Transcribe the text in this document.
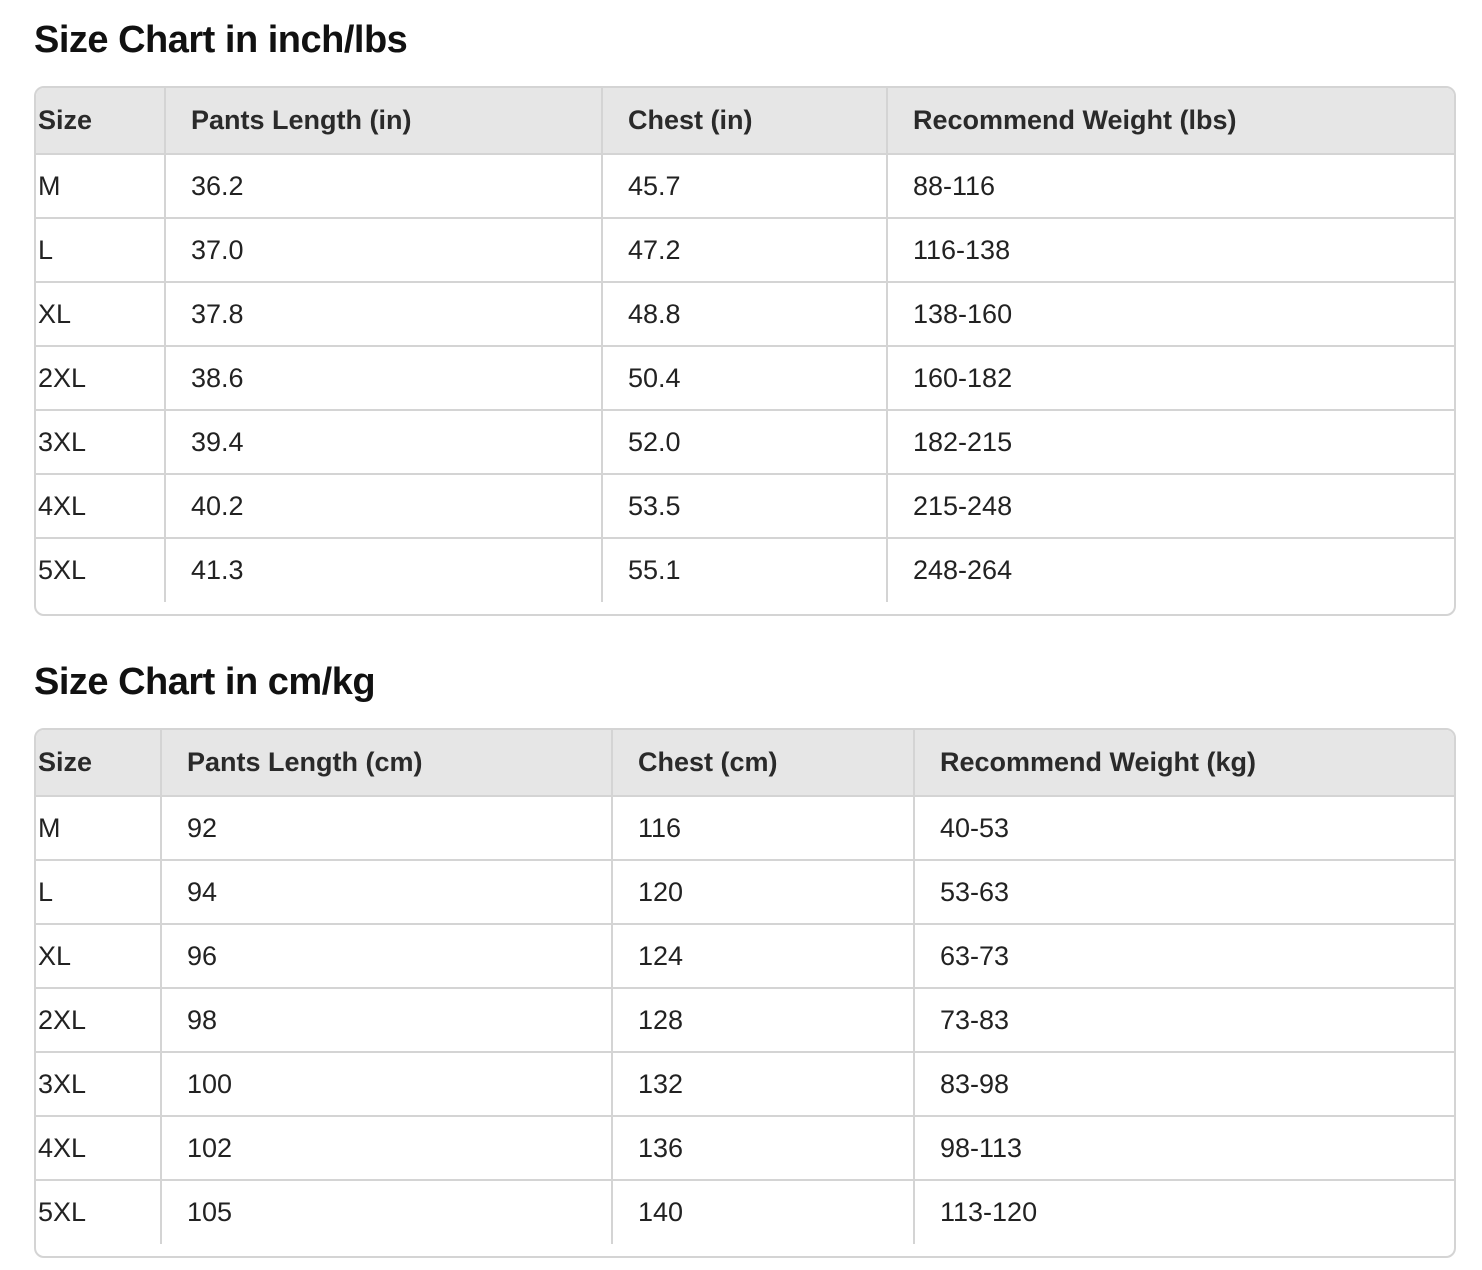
Size Chart in inch/lbs
Size	Pants Length (in)	Chest (in)	Recommend Weight (lbs)
M	36.2	45.7	88-116
L	37.0	47.2	116-138
XL	37.8	48.8	138-160
2XL	38.6	50.4	160-182
3XL	39.4	52.0	182-215
4XL	40.2	53.5	215-248
5XL	41.3	55.1	248-264
Size Chart in cm/kg
Size	Pants Length (cm)	Chest (cm)	Recommend Weight (kg)
M	92	116	40-53
L	94	120	53-63
XL	96	124	63-73
2XL	98	128	73-83
3XL	100	132	83-98
4XL	102	136	98-113
5XL	105	140	113-120
